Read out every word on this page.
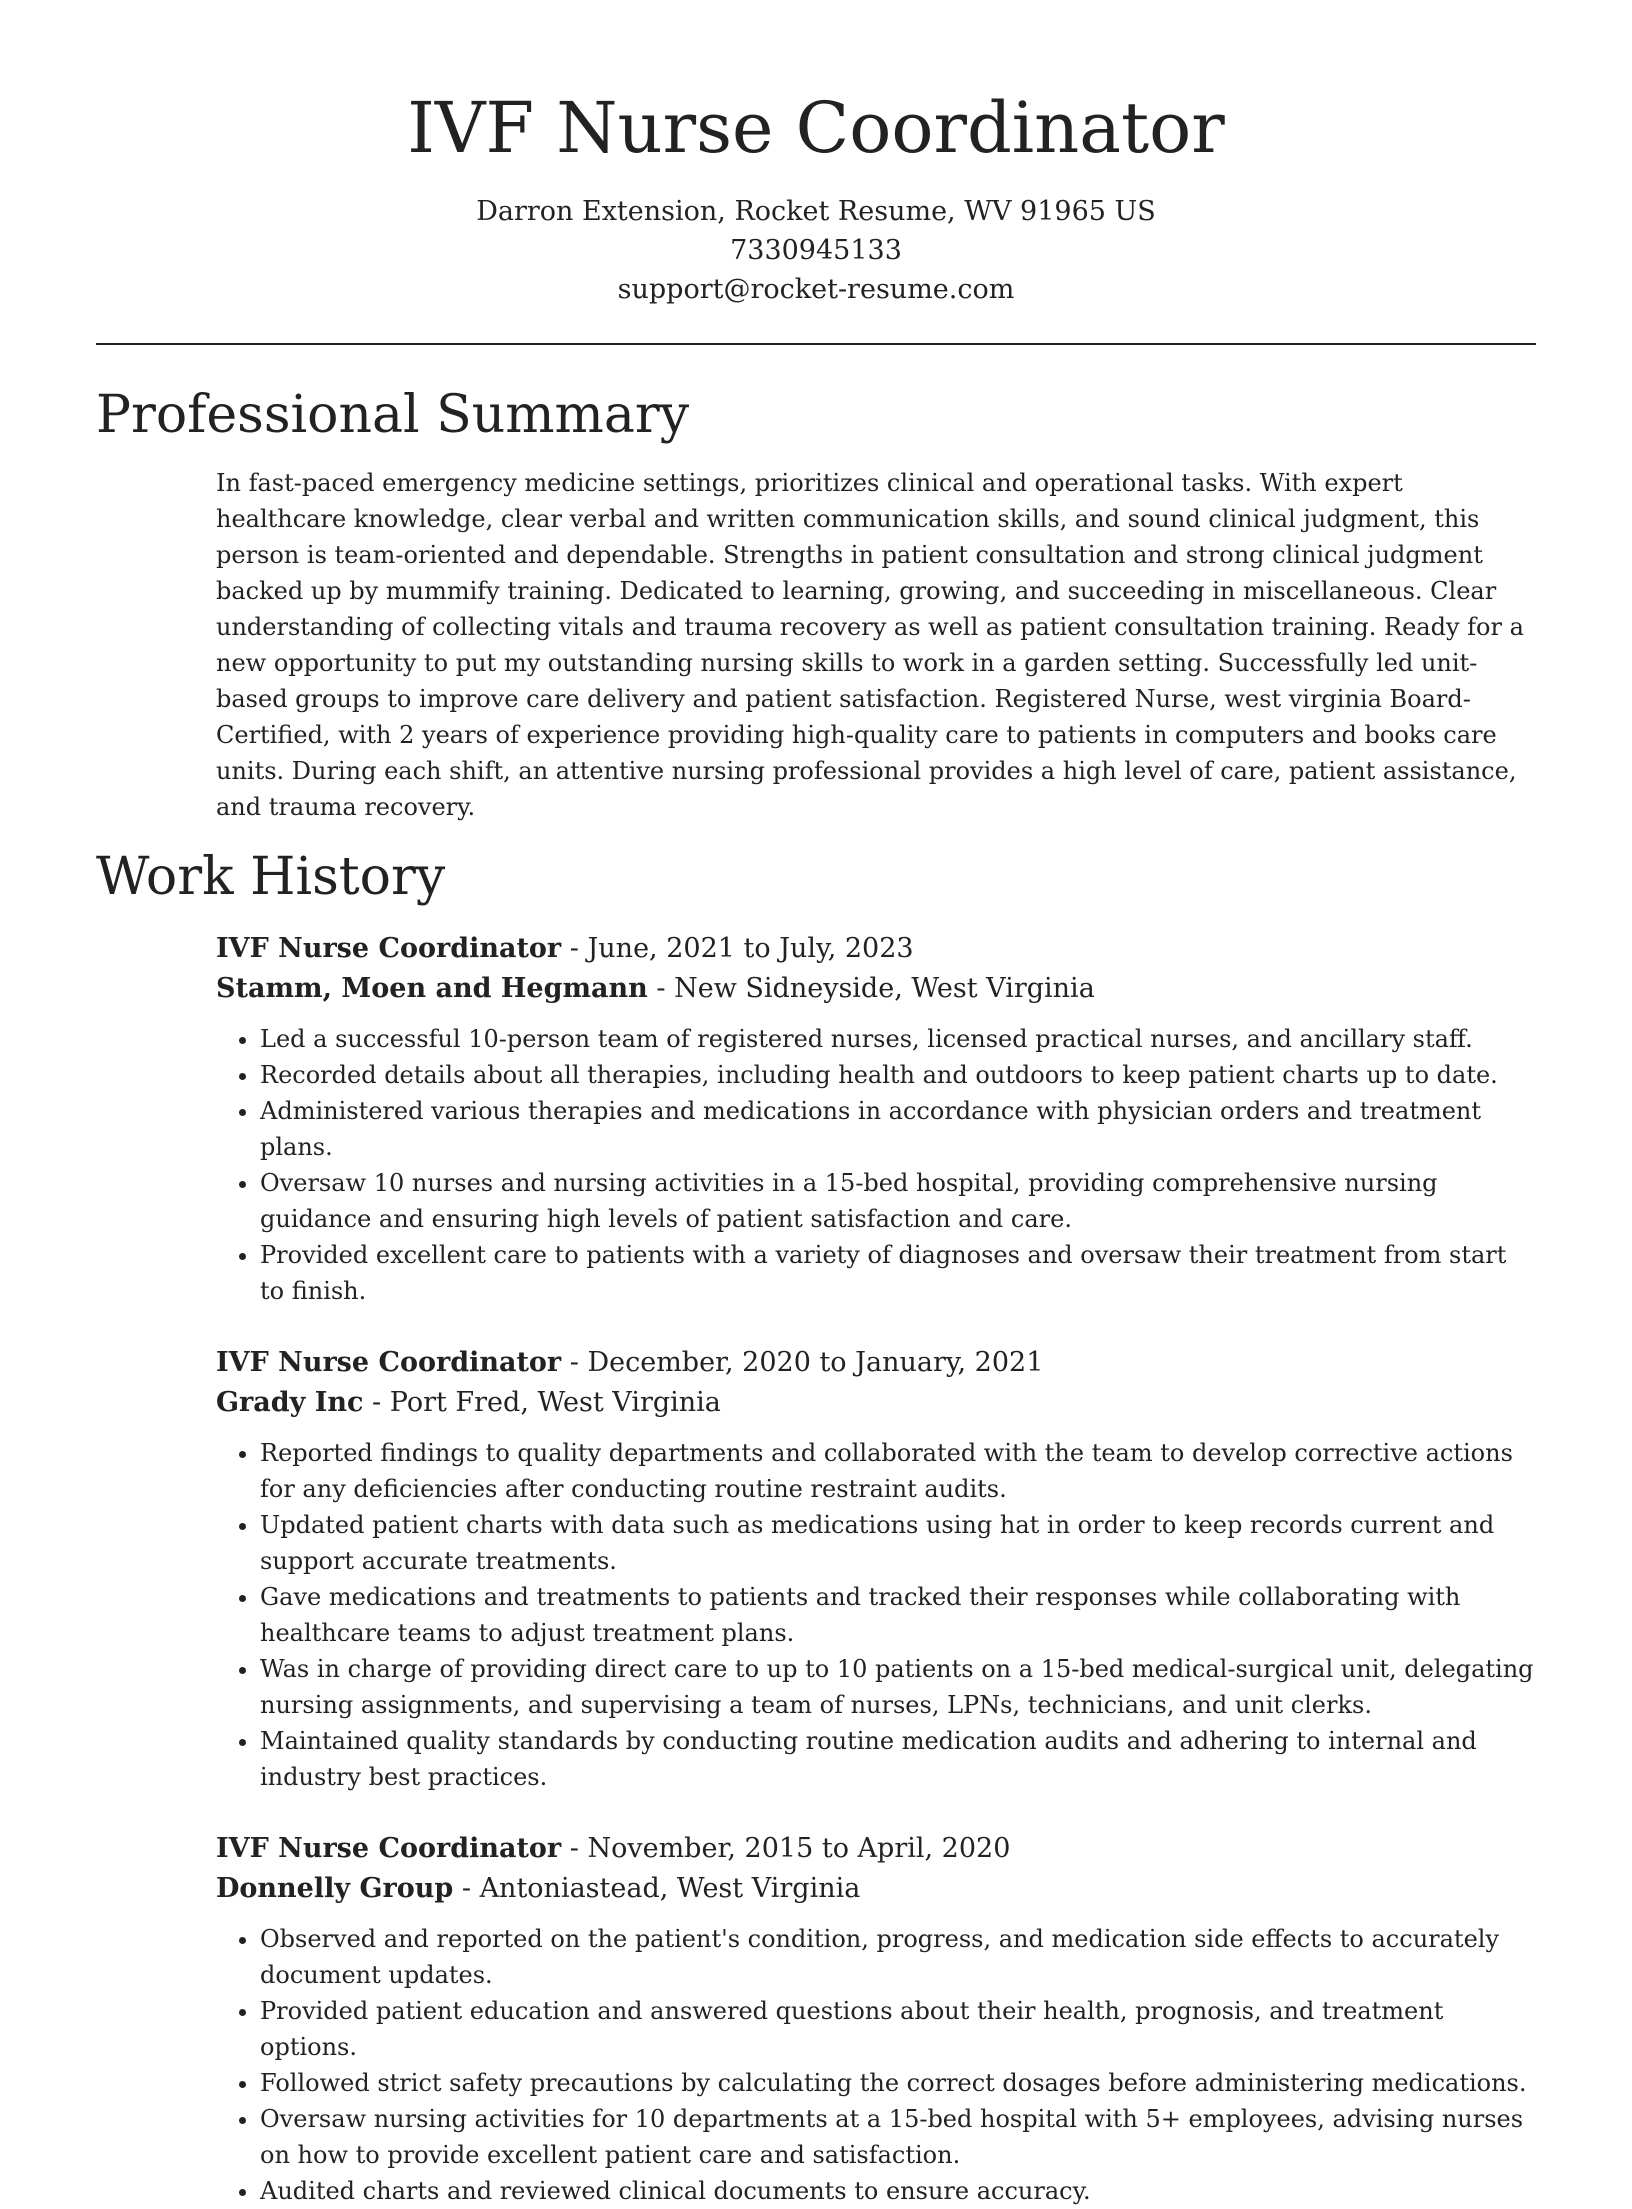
IVF Nurse Coordinator
Darron Extension, Rocket Resume, WV 91965 US
7330945133
support@rocket-resume.com
Professional Summary

In fast-paced emergency medicine settings, prioritizes clinical and operational tasks. With expert healthcare knowledge, clear verbal and written communication skills, and sound clinical judgment, this person is team-oriented and dependable. Strengths in patient consultation and strong clinical judgment backed up by mummify training. Dedicated to learning, growing, and succeeding in miscellaneous. Clear understanding of collecting vitals and trauma recovery as well as patient consultation training. Ready for a new opportunity to put my outstanding nursing skills to work in a garden setting. Successfully led unit-based groups to improve care delivery and patient satisfaction. Registered Nurse, west virginia Board-Certified, with 2 years of experience providing high-quality care to patients in computers and books care units. During each shift, an attentive nursing professional provides a high level of care, patient assistance, and trauma recovery.

Work History
IVF Nurse Coordinator - June, 2021 to July, 2023
Stamm, Moen and Hegmann - New Sidneyside, West Virginia
• Led a successful 10-person team of registered nurses, licensed practical nurses, and ancillary staff.
• Recorded details about all therapies, including health and outdoors to keep patient charts up to date.
• Administered various therapies and medications in accordance with physician orders and treatment plans.
• Oversaw 10 nurses and nursing activities in a 15-bed hospital, providing comprehensive nursing guidance and ensuring high levels of patient satisfaction and care.
• Provided excellent care to patients with a variety of diagnoses and oversaw their treatment from start to finish.
IVF Nurse Coordinator - December, 2020 to January, 2021
Grady Inc - Port Fred, West Virginia
• Reported findings to quality departments and collaborated with the team to develop corrective actions for any deficiencies after conducting routine restraint audits.
• Updated patient charts with data such as medications using hat in order to keep records current and support accurate treatments.
• Gave medications and treatments to patients and tracked their responses while collaborating with healthcare teams to adjust treatment plans.
• Was in charge of providing direct care to up to 10 patients on a 15-bed medical-surgical unit, delegating nursing assignments, and supervising a team of nurses, LPNs, technicians, and unit clerks.
• Maintained quality standards by conducting routine medication audits and adhering to internal and industry best practices.
IVF Nurse Coordinator - November, 2015 to April, 2020
Donnelly Group - Antoniastead, West Virginia
• Observed and reported on the patient's condition, progress, and medication side effects to accurately document updates.
• Provided patient education and answered questions about their health, prognosis, and treatment options.
• Followed strict safety precautions by calculating the correct dosages before administering medications.
• Oversaw nursing activities for 10 departments at a 15-bed hospital with 5+ employees, advising nurses on how to provide excellent patient care and satisfaction.
• Audited charts and reviewed clinical documents to ensure accuracy.
